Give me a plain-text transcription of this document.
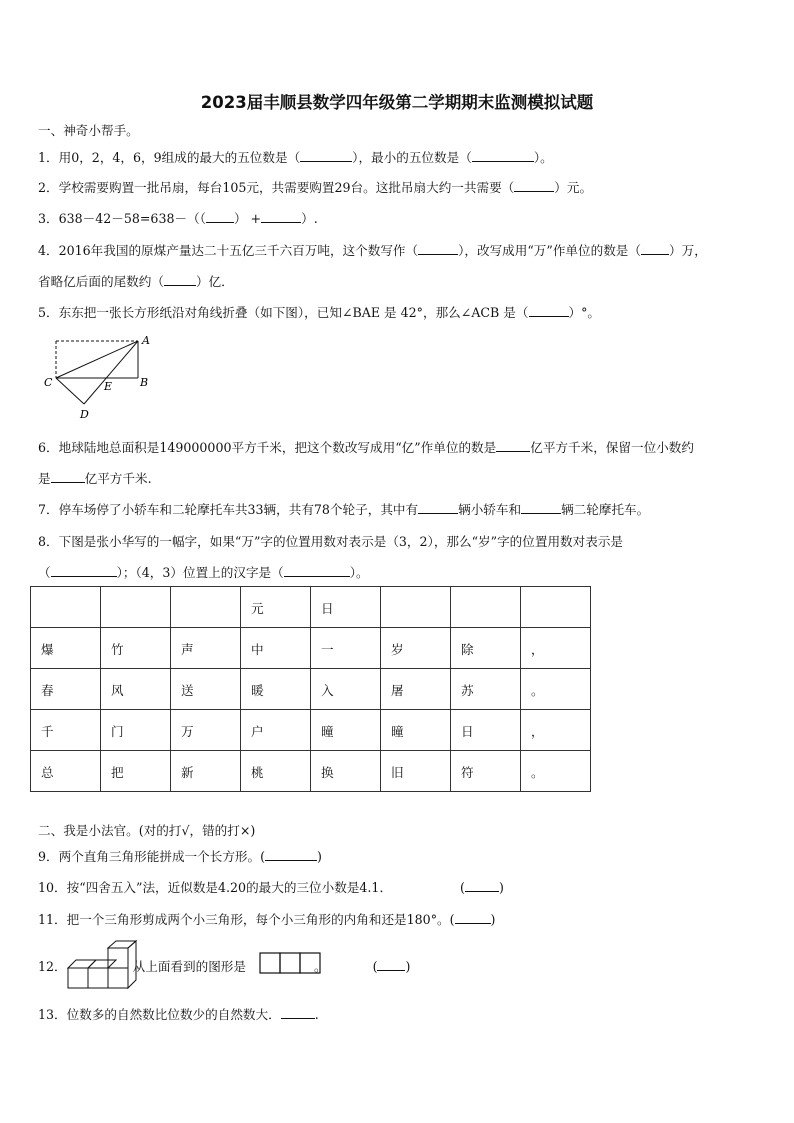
2023届丰顺县数学四年级第二学期期末监测模拟试题
一、神奇小帮手。
1．用0，2，4，6，9组成的最大的五位数是（	），最小的五位数是（	）。
2．学校需要购置一批吊扇，每台105元，共需要购置29台。这批吊扇大约一共需要（	）元。
3．638－42－58=638－（（ ） +	）.
4．2016年我国的原煤产量达二十五亿三千六百万吨，这个数写作（	），改写成用“万”作单位的数是（ ）万，
省略亿后面的尾数约（	）亿．
5．东东把一张长方形纸沿对角线折叠（如下图），已知∠BAE 是 42°，那么∠ACB 是（	）°。
A
B
C
D
E
6．地球陆地总面积是149000000平方千米，把这个数改写成用“亿”作单位的数是	亿平方千米，保留一位小数约
是	亿平方千米.
7．停车场停了小轿车和二轮摩托车共33辆，共有78个轮子，其中有	辆小轿车和	辆二轮摩托车。
8．下图是张小华写的一幅字，如果“万”字的位置用数对表示是（3，2），那么“岁”字的位置用数对表示是
（	）；（4，3）位置上的汉字是（	）。
			元	日			
爆	竹	声	中	一	岁	除	，
春	风	送	暖	入	屠	苏	。
千	门	万	户	曈	曈	日	，
总	把	新	桃	换	旧	符	。
二、我是小法官。(对的打√，错的打×)
9．两个直角三角形能拼成一个长方形。(	)
10．按“四舍五入”法，近似数是4.20的最大的三位小数是4.1．	(	)
11．把一个三角形剪成两个小三角形，每个小三角形的内角和还是180°。(	)
12．	从上面看到的图形是	。	( )
13．位数多的自然数比位数少的自然数大．	.
